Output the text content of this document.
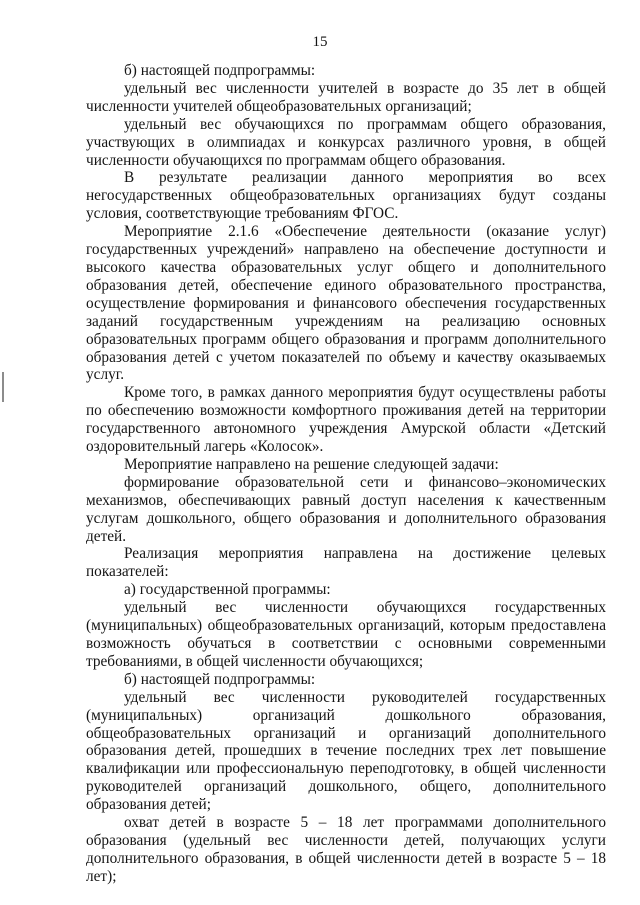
15

б) настоящей подпрограммы:

удельный вес численности учителей в возрасте до 35 лет в общей численности учителей общеобразовательных организаций;

удельный вес обучающихся по программам общего образования, участвующих в олимпиадах и конкурсах различного уровня, в общей численности обучающихся по программам общего образования.

В результате реализации данного мероприятия во всех негосударственных общеобразовательных организациях будут созданы условия, соответствующие требованиям ФГОС.

Мероприятие 2.1.6 «Обеспечение деятельности (оказание услуг) государственных учреждений» направлено на обеспечение доступности и высокого качества образовательных услуг общего и дополнительного образования детей, обеспечение единого образовательного пространства, осуществление формирования и финансового обеспечения государственных заданий государственным учреждениям на реализацию основных образовательных программ общего образования и программ дополнительного образования детей с учетом показателей по объему и качеству оказываемых услуг.

Кроме того, в рамках данного мероприятия будут осуществлены работы по обеспечению возможности комфортного проживания детей на территории государственного автономного учреждения Амурской области «Детский оздоровительный лагерь «Колосок».

Мероприятие направлено на решение следующей задачи:

формирование образовательной сети и финансово–экономических механизмов, обеспечивающих равный доступ населения к качественным услугам дошкольного, общего образования и дополнительного образования детей.

Реализация мероприятия направлена на достижение целевых показателей:

а) государственной программы:

удельный вес численности обучающихся государственных (муниципальных) общеобразовательных организаций, которым предоставлена возможность обучаться в соответствии с основными современными требованиями, в общей численности обучающихся;

б) настоящей подпрограммы:

удельный вес численности руководителей государственных (муниципальных) организаций дошкольного образования, общеобразовательных организаций и организаций дополнительного образования детей, прошедших в течение последних трех лет повышение квалификации или профессиональную переподготовку, в общей численности руководителей организаций дошкольного, общего, дополнительного образования детей;

охват детей в возрасте 5 – 18 лет программами дополнительного образования (удельный вес численности детей, получающих услуги дополнительного образования, в общей численности детей в возрасте 5 – 18 лет);
